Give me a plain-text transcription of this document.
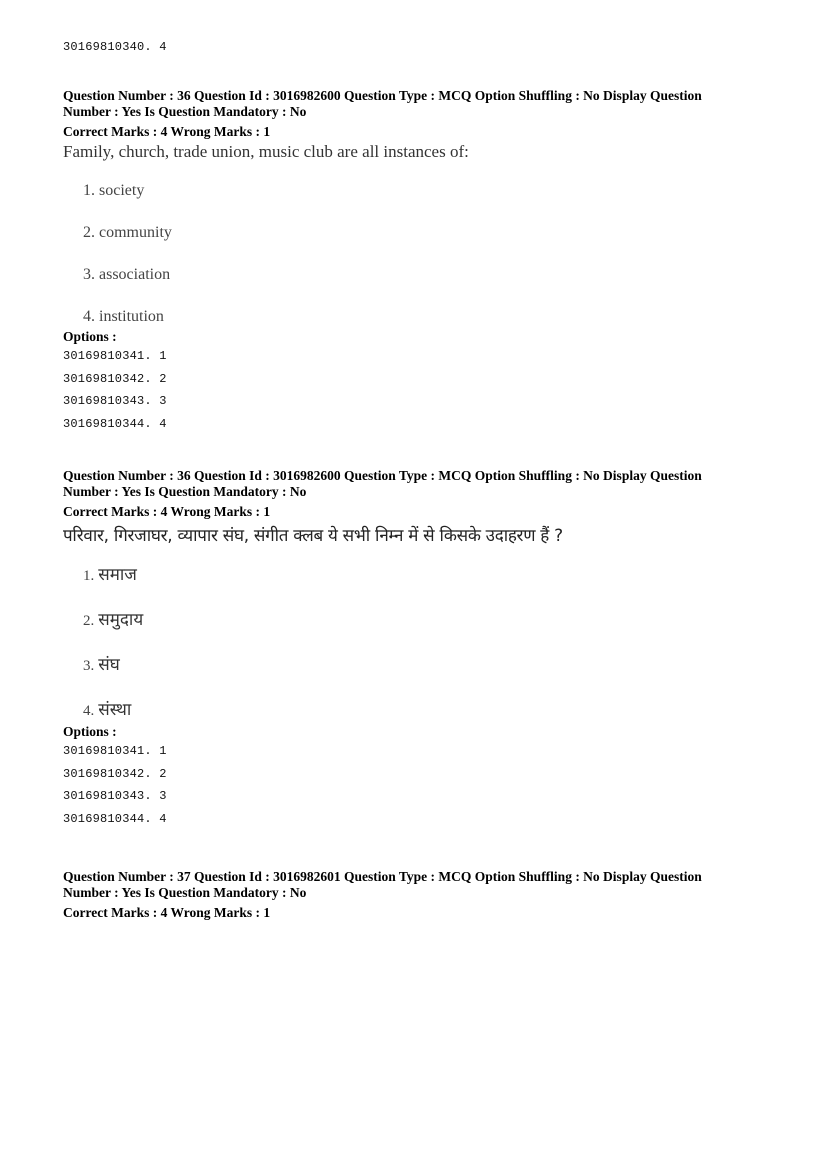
30169810340. 4

Question Number : 36 Question Id : 3016982600 Question Type : MCQ Option Shuffling : No Display Question
Number : Yes Is Question Mandatory : No
Correct Marks : 4 Wrong Marks : 1

Family, church, trade union, music club are all instances of:

1. society
2. community
3. association
4. institution

Options :

30169810341. 1
30169810342. 2
30169810343. 3
30169810344. 4

Question Number : 36 Question Id : 3016982600 Question Type : MCQ Option Shuffling : No Display Question
Number : Yes Is Question Mandatory : No
Correct Marks : 4 Wrong Marks : 1

परिवार, गिरजाघर, व्यापार संघ, संगीत क्लब ये सभी निम्न में से किसके उदाहरण हैं ?

1. समाज
2. समुदाय
3. संघ
4. संस्था

Options :

30169810341. 1
30169810342. 2
30169810343. 3
30169810344. 4

Question Number : 37 Question Id : 3016982601 Question Type : MCQ Option Shuffling : No Display Question
Number : Yes Is Question Mandatory : No
Correct Marks : 4 Wrong Marks : 1
